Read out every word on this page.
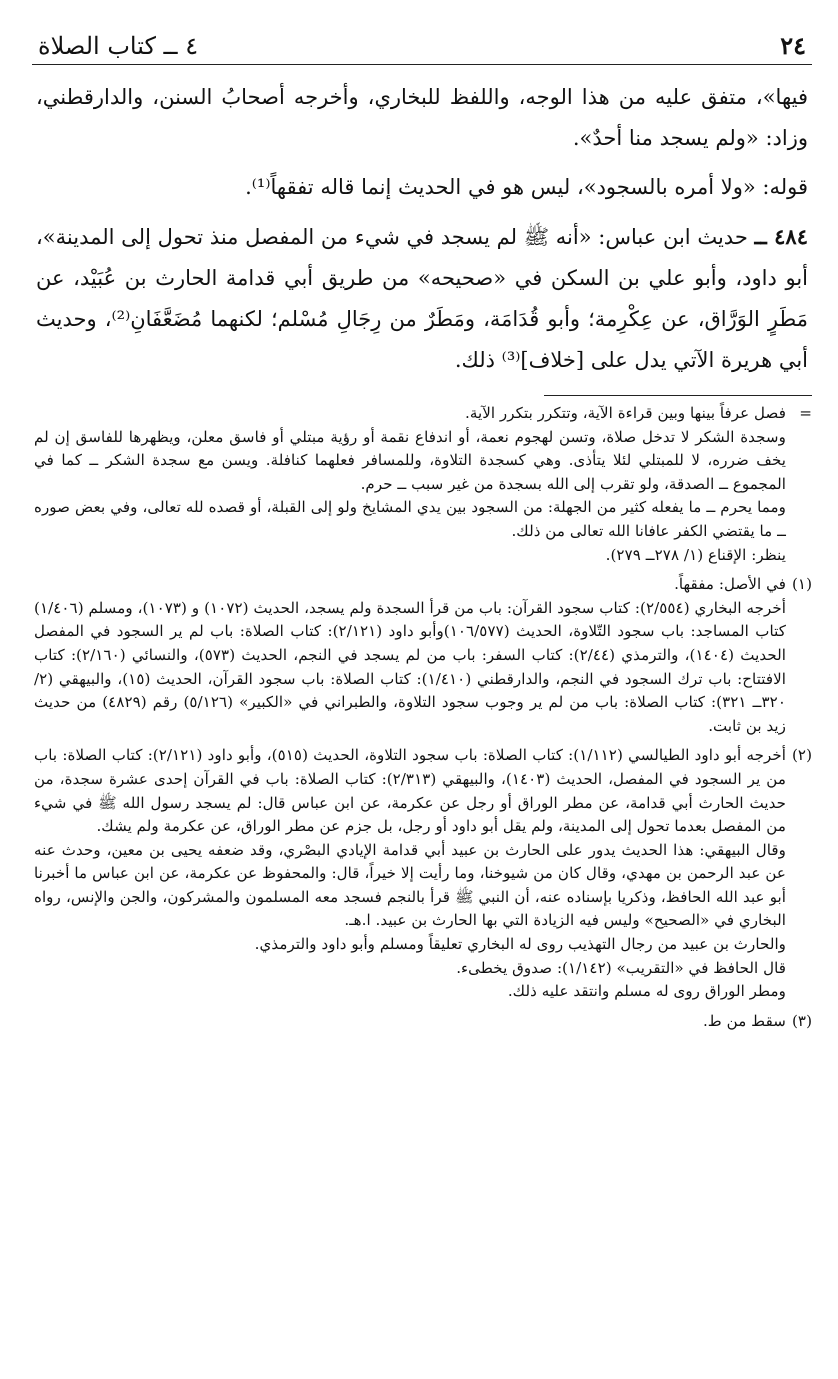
٢٤
٤ ــ كتاب الصلاة

فيها»، متفق عليه من هذا الوجه، واللفظ للبخاري، وأخرجه أصحابُ السنن، والدارقطني، وزاد: «ولم يسجد منا أحدٌ».

قوله: «ولا أمره بالسجود»، ليس هو في الحديث إنما قاله تفقهاً⁽¹⁾.

٤٨٤ ــ حديث ابن عباس: «أنه ﷺ لم يسجد في شيء من المفصل منذ تحول إلى المدينة»، أبو داود، وأبو علي بن السكن في «صحيحه» من طريق أبي قدامة الحارث بن عُبَيْد، عن مَطَرٍ الوَرَّاق، عن عِكْرِمة؛ وأبو قُدَامَة، ومَطَرٌ من رِجَالِ مُسْلم؛ لكنهما مُضَعَّفَانِ⁽²⁾، وحديث أبي هريرة الآتي يدل على [خلاف]⁽³⁾ ذلك.

=
فصل عرفاً بينها وبين قراءة الآية، وتتكرر بتكرر الآية.

وسجدة الشكر لا تدخل صلاة، وتسن لهجوم نعمة، أو اندفاع نقمة أو رؤية مبتلي أو فاسق معلن، ويظهرها للفاسق إن لم يخف ضرره، لا للمبتلي لئلا يتأذى. وهي كسجدة التلاوة، وللمسافر فعلهما كنافلة. ويسن مع سجدة الشكر ــ كما في المجموع ــ الصدقة، ولو تقرب إلى الله بسجدة من غير سبب ــ حرم.

ومما يحرم ــ ما يفعله كثير من الجهلة: من السجود بين يدي المشايخ ولو إلى القبلة، أو قصده لله تعالى، وفي بعض صوره ــ ما يقتضي الكفر عافانا الله تعالى من ذلك.

ينظر: الإقناع (١/ ٢٧٨ــ ٢٧٩).

(١)
في الأصل: مفقهاً.

أخرجه البخاري (٢/٥٥٤): كتاب سجود القرآن: باب من قرأ السجدة ولم يسجد، الحديث (١٠٧٢) و (١٠٧٣)، ومسلم (١/٤٠٦) كتاب المساجد: باب سجود التّلاوة، الحديث (١٠٦/٥٧٧)وأبو داود (٢/١٢١): كتاب الصلاة: باب لم ير السجود في المفصل الحديث (١٤٠٤)، والترمذي (٢/٤٤): كتاب السفر: باب من لم يسجد في النجم، الحديث (٥٧٣)، والنسائي (٢/١٦٠): كتاب الافتتاح: باب ترك السجود في النجم، والدارقطني (١/٤١٠): كتاب الصلاة: باب سجود القرآن، الحديث (١٥)، والبيهقي (٢/ ٣٢٠ــ ٣٢١): كتاب الصلاة: باب من لم ير وجوب سجود التلاوة، والطبراني في «الكبير» (٥/١٢٦) رقم (٤٨٢٩) من حديث زيد بن ثابت.

(٢)
أخرجه أبو داود الطيالسي (١/١١٢): كتاب الصلاة: باب سجود التلاوة، الحديث (٥١٥)، وأبو داود (٢/١٢١): كتاب الصلاة: باب من ير السجود في المفصل، الحديث (١٤٠٣)، والبيهقي (٢/٣١٣): كتاب الصلاة: باب في القرآن إحدى عشرة سجدة، من حديث الحارث أبي قدامة، عن مطر الوراق أو رجل عن عكرمة، عن ابن عباس قال: لم يسجد رسول الله ﷺ في شيء من المفصل بعدما تحول إلى المدينة، ولم يقل أبو داود أو رجل، بل جزم عن مطر الوراق، عن عكرمة ولم يشك.

وقال البيهقي: هذا الحديث يدور على الحارث بن عبيد أبي قدامة الإيادي البصْري، وقد ضعفه يحيى بن معين، وحدث عنه عن عبد الرحمن بن مهدي، وقال كان من شيوخنا، وما رأيت إلا خيراً، قال: والمحفوظ عن عكرمة، عن ابن عباس ما أخبرنا أبو عبد الله الحافظ، وذكريا بإسناده عنه، أن النبي ﷺ قرأ بالنجم فسجد معه المسلمون والمشركون، والجن والإنس، رواه البخاري في «الصحيح» وليس فيه الزيادة التي بها الحارث بن عبيد. ا.هـ.

والحارث بن عبيد من رجال التهذيب روى له البخاري تعليقاً ومسلم وأبو داود والترمذي.

قال الحافظ في «التقريب» (١/١٤٢): صدوق يخطىء.

ومطر الوراق روى له مسلم وانتقد عليه ذلك.

(٣)
سقط من ط.
